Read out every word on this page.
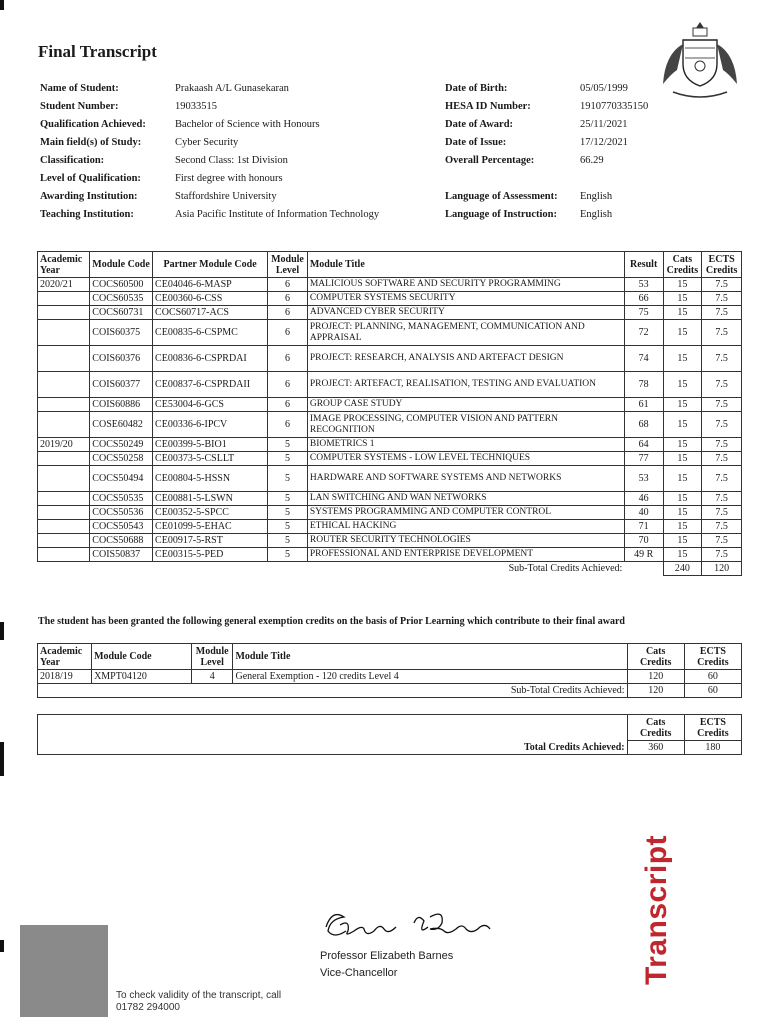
Final Transcript
Name of Student:	Prakaash A/L Gunasekaran
Student Number:	19033515
Qualification Achieved:	Bachelor of Science with Honours
Main field(s) of Study:	Cyber Security
Classification:	Second Class: 1st Division
Level of Qualification:	First degree with honours
Awarding Institution:	Staffordshire University
Teaching Institution:	Asia Pacific Institute of Information Technology
Date of Birth:	05/05/1999
HESA ID Number:	1910770335150
Date of Award:	25/11/2021
Date of Issue:	17/12/2021
Overall Percentage:	66.29
Language of Assessment: English
Language of Instruction: English
Academic Year	Module Code	Partner Module Code	Module Level	Module Title	Result	Cats Credits	ECTS Credits
2020/21	COCS60500	CE04046-6-MASP	6	MALICIOUS SOFTWARE AND SECURITY PROGRAMMING	53	15	7.5
	COCS60535	CE00360-6-CSS	6	COMPUTER SYSTEMS SECURITY	66	15	7.5
	COCS60731	COCS60717-ACS	6	ADVANCED CYBER SECURITY	75	15	7.5
	COIS60375	CE00835-6-CSPMC	6	PROJECT: PLANNING, MANAGEMENT, COMMUNICATION AND APPRAISAL	72	15	7.5
	COIS60376	CE00836-6-CSPRDAI	6	PROJECT: RESEARCH, ANALYSIS AND ARTEFACT DESIGN	74	15	7.5
	COIS60377	CE00837-6-CSPRDAII	6	PROJECT: ARTEFACT, REALISATION, TESTING AND EVALUATION	78	15	7.5
	COIS60886	CE53004-6-GCS	6	GROUP CASE STUDY	61	15	7.5
	COSE60482	CE00336-6-IPCV	6	IMAGE PROCESSING, COMPUTER VISION AND PATTERN RECOGNITION	68	15	7.5
2019/20	COCS50249	CE00399-5-BIO1	5	BIOMETRICS 1	64	15	7.5
	COCS50258	CE00373-5-CSLLT	5	COMPUTER SYSTEMS - LOW LEVEL TECHNIQUES	77	15	7.5
	COCS50494	CE00804-5-HSSN	5	HARDWARE AND SOFTWARE SYSTEMS AND NETWORKS	53	15	7.5
	COCS50535	CE00881-5-LSWN	5	LAN SWITCHING AND WAN NETWORKS	46	15	7.5
	COCS50536	CE00352-5-SPCC	5	SYSTEMS PROGRAMMING AND COMPUTER CONTROL	40	15	7.5
	COCS50543	CE01099-5-EHAC	5	ETHICAL HACKING	71	15	7.5
	COCS50688	CE00917-5-RST	5	ROUTER SECURITY TECHNOLOGIES	70	15	7.5
	COIS50837	CE00315-5-PED	5	PROFESSIONAL AND ENTERPRISE DEVELOPMENT	49 R	15	7.5
Sub-Total Credits Achieved:						240	120
The student has been granted the following general exemption credits on the basis of Prior Learning which contribute to their final award
Academic Year	Module Code	Module Level	Module Title	Cats Credits	ECTS Credits
2018/19	XMPT04120	4	General Exemption - 120 credits Level 4	120	60
Sub-Total Credits Achieved:				120	60
	Cats Credits	ECTS Credits
Total Credits Achieved:	360	180
Professor Elizabeth Barnes
Vice-Chancellor
To check validity of the transcript, call 01782 294000
Transcript
